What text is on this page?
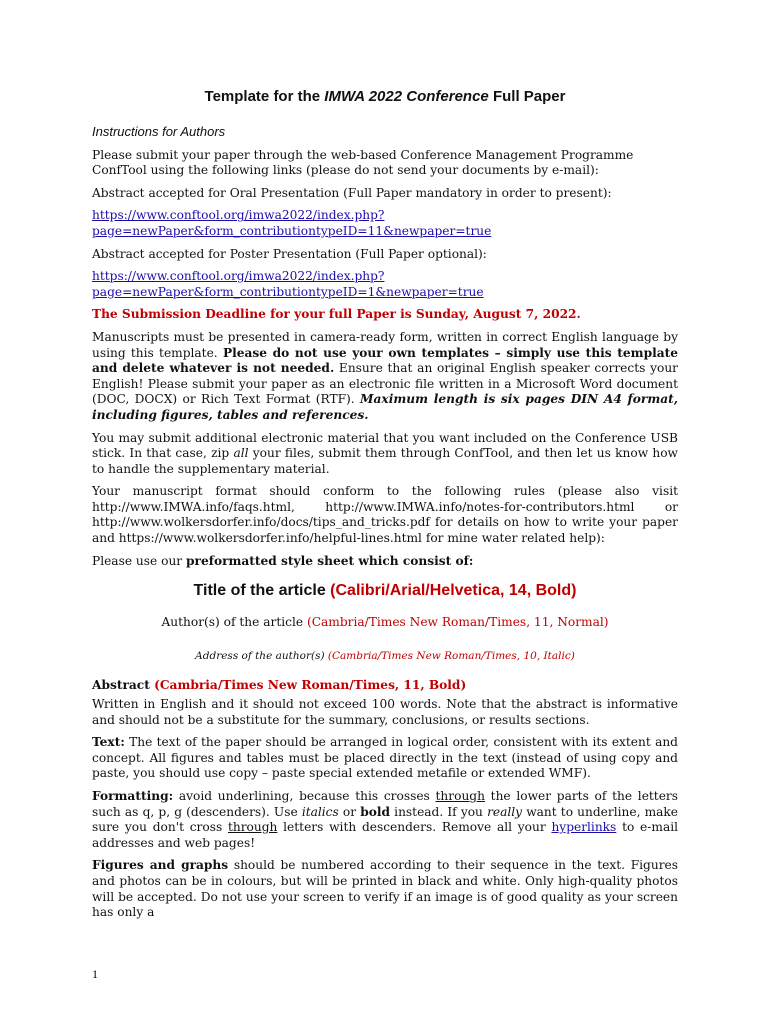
Template for the IMWA 2022 Conference Full Paper
Instructions for Authors

Please submit your paper through the web-based Conference Management Programme ConfTool using the following links (please do not send your documents by e-mail):

Abstract accepted for Oral Presentation (Full Paper mandatory in order to present):

https://www.conftool.org/imwa2022/index.php?
page=newPaper&form_contributiontypeID=11&newpaper=true

Abstract accepted for Poster Presentation (Full Paper optional):

https://www.conftool.org/imwa2022/index.php?
page=newPaper&form_contributiontypeID=1&newpaper=true

The Submission Deadline for your full Paper is Sunday, August 7, 2022.

Manuscripts must be presented in camera-ready form, written in correct English language by using this template. Please do not use your own templates – simply use this template and delete whatever is not needed. Ensure that an original English speaker corrects your English! Please submit your paper as an electronic file written in a Microsoft Word document (DOC, DOCX) or Rich Text Format (RTF). Maximum length is six pages DIN A4 format, including figures, tables and references.

You may submit additional electronic material that you want included on the Conference USB stick. In that case, zip all your files, submit them through ConfTool, and then let us know how to handle the supplementary material.

Your manuscript format should conform to the following rules (please also visit http://www.IMWA.info/faqs.html, http://www.IMWA.info/notes-for-contributors.html or http://www.wolkersdorfer.info/docs/tips_and_tricks.pdf for details on how to write your paper and https://www.wolkersdorfer.info/helpful-lines.html for mine water related help):

Please use our preformatted style sheet which consist of:

Title of the article (Calibri/Arial/Helvetica, 14, Bold)
Author(s) of the article (Cambria/Times New Roman/Times, 11, Normal)
Address of the author(s) (Cambria/Times New Roman/Times, 10, Italic)

Abstract (Cambria/Times New Roman/Times, 11, Bold)

Written in English and it should not exceed 100 words. Note that the abstract is informative and should not be a substitute for the summary, conclusions, or results sections.

Text: The text of the paper should be arranged in logical order, consistent with its extent and concept. All figures and tables must be placed directly in the text (instead of using copy and paste, you should use copy – paste special extended metafile or extended WMF).

Formatting: avoid underlining, because this crosses through the lower parts of the letters such as q, p, g (descenders). Use italics or bold instead. If you really want to underline, make sure you don't cross through letters with descenders. Remove all your hyperlinks to e-mail addresses and web pages!

Figures and graphs should be numbered according to their sequence in the text. Figures and photos can be in colours, but will be printed in black and white. Only high-quality photos will be accepted. Do not use your screen to verify if an image is of good quality as your screen has only a

1
